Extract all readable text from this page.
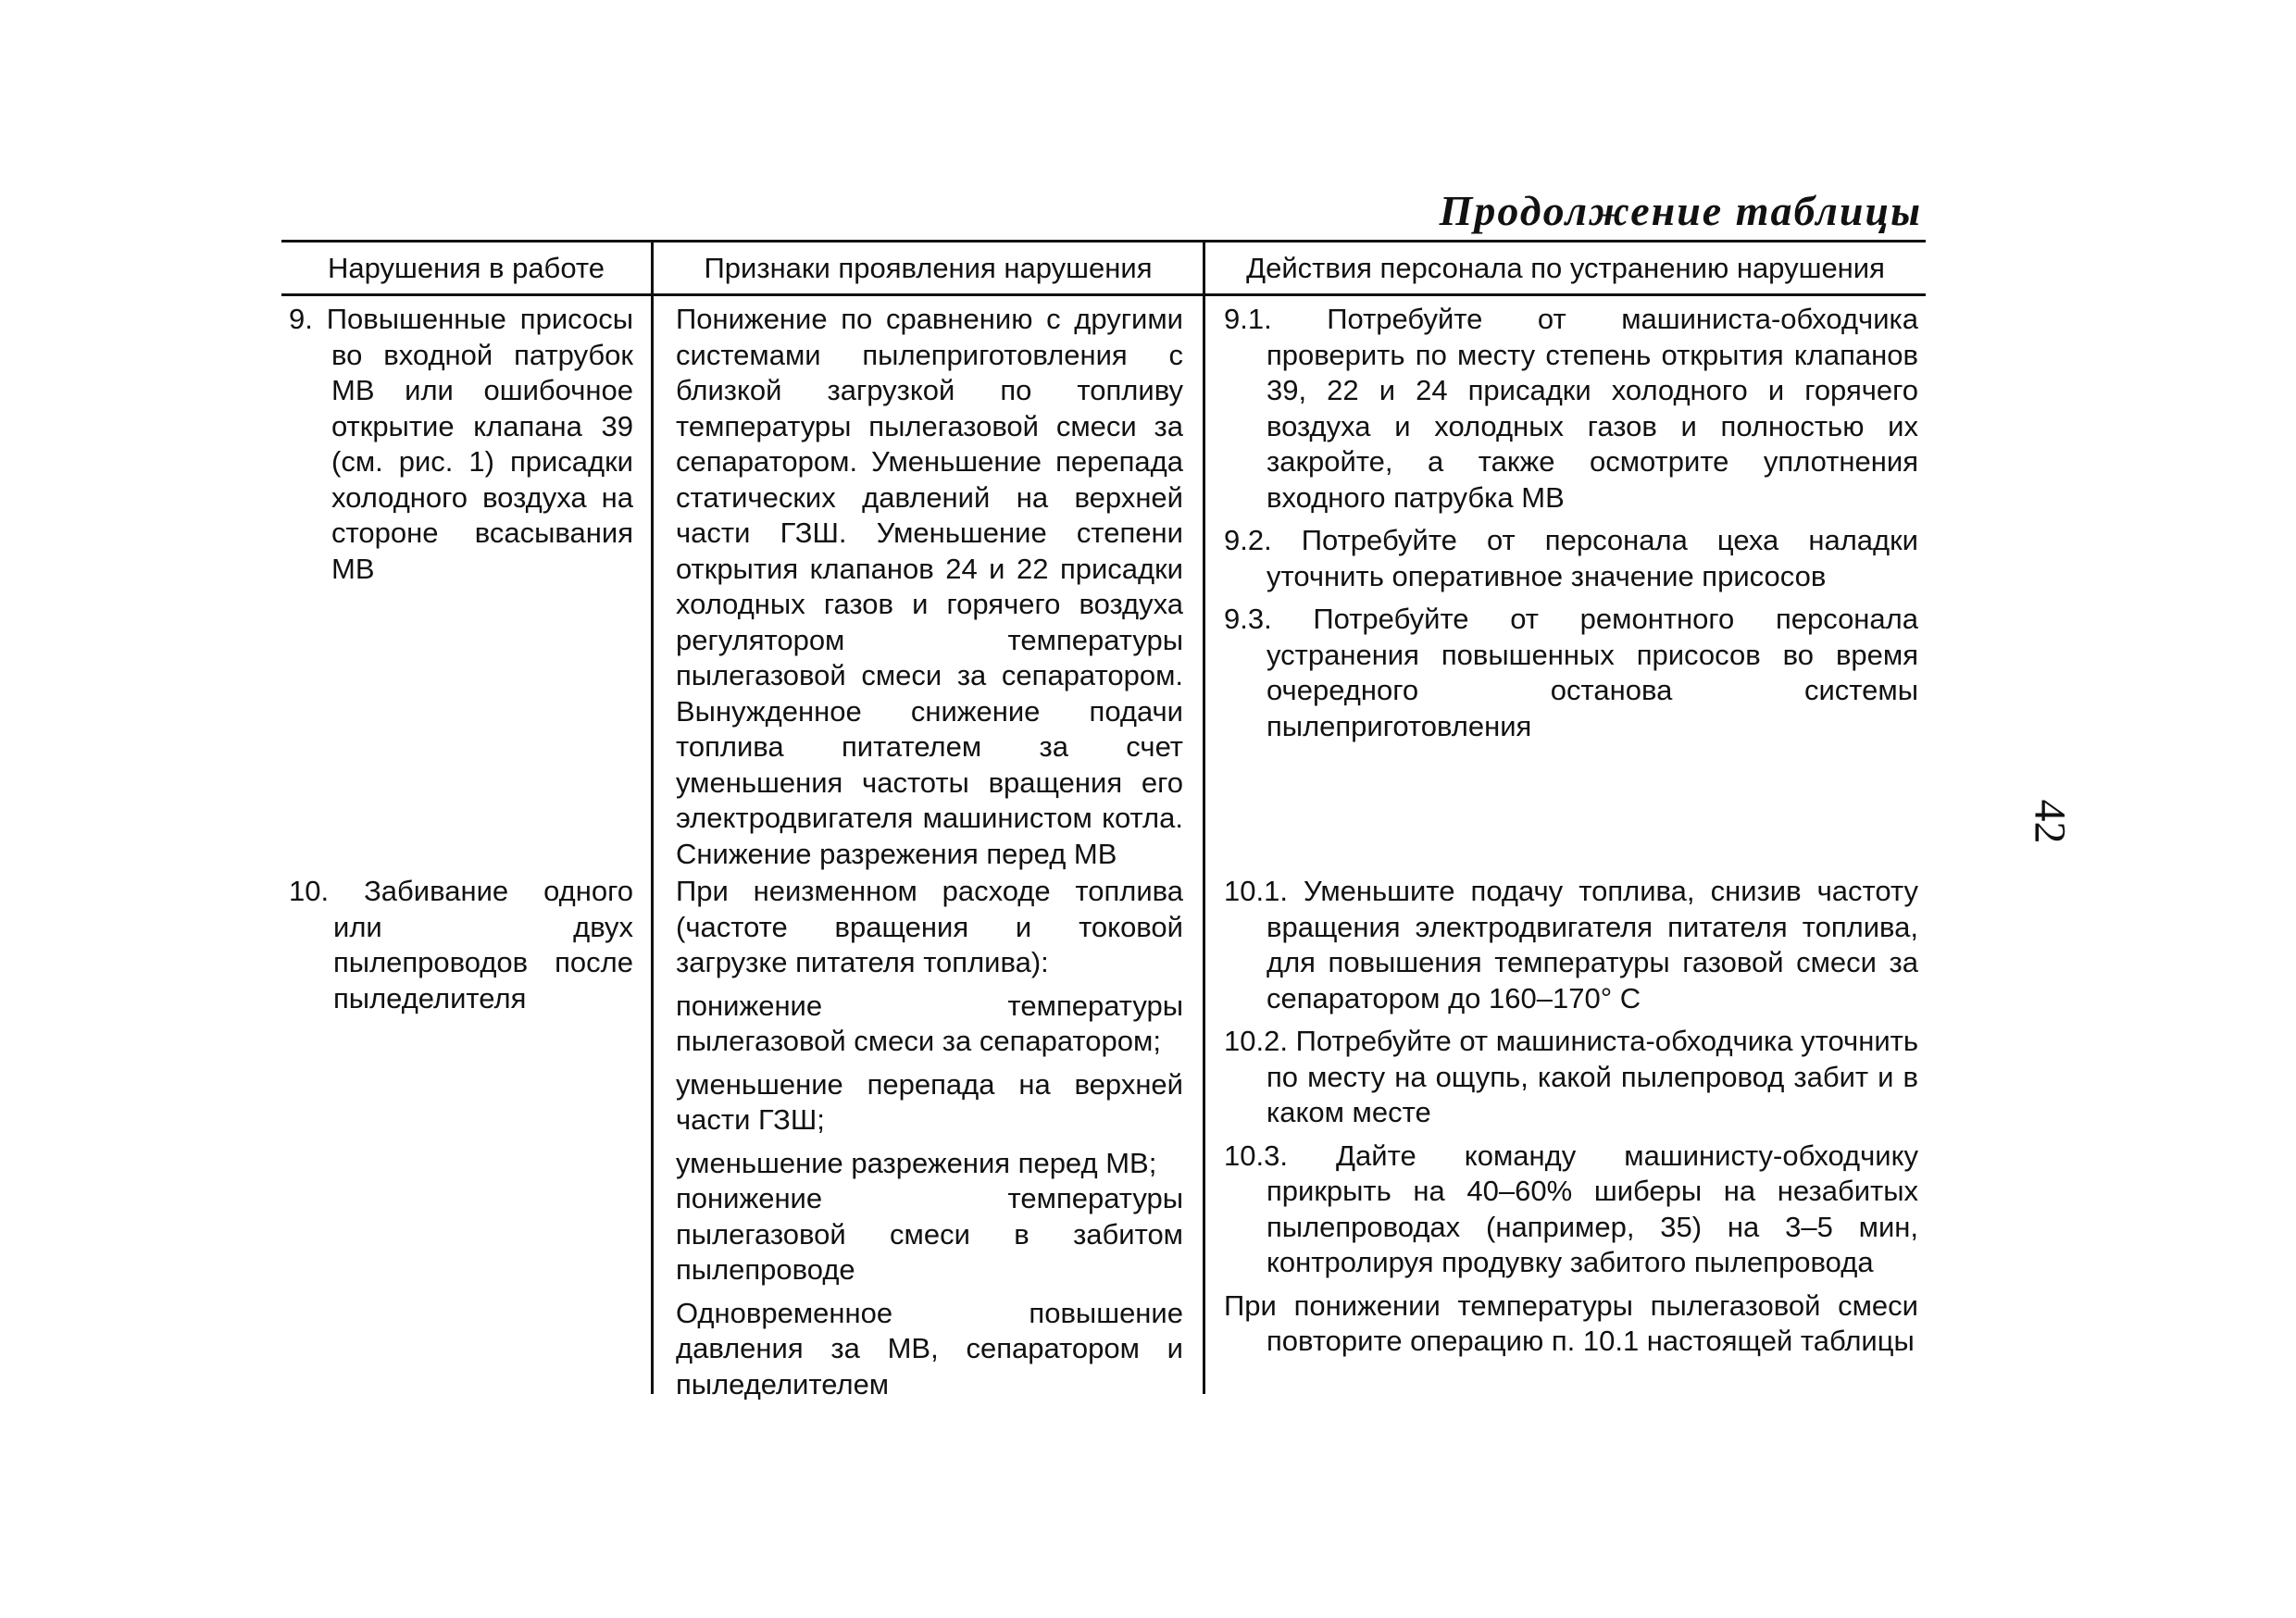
Продолжение таблицы
Нарушения в работе	Признаки проявления нарушения	Действия персонала по устранению нарушения

9. Повышенные присосы во входной патрубок МВ или ошибочное открытие клапана 39 (см. рис. 1) присадки холодного воздуха на стороне всасывания МВ

Понижение по сравнению с другими системами пылеприготовления с близкой загрузкой по топливу температуры пылегазовой смеси за сепаратором. Уменьшение перепада статических давлений на верхней части ГЗШ. Уменьшение степени открытия клапанов 24 и 22 присадки холодных газов и горячего воздуха регулятором температуры пылегазовой смеси за сепаратором. Вынужденное снижение подачи топлива питателем за счет уменьшения частоты вращения его электродвигателя машинистом котла. Снижение разрежения перед МВ

9.1. Потребуйте от машиниста-обходчика проверить по месту степень открытия клапанов 39, 22 и 24 присадки холодного и горячего воздуха и холодных газов и полностью их закройте, а также осмотрите уплотнения входного патрубка МВ

9.2. Потребуйте от персонала цеха наладки уточнить оперативное значение присосов

9.3. Потребуйте от ремонтного персонала устранения повышенных присосов во время очередного останова системы пылеприготовления

10. Забивание одного или двух пылепроводов после пыледелителя

При неизменном расходе топлива (частоте вращения и токовой загрузке питателя топлива):

понижение температуры пылегазовой смеси за сепаратором;

уменьшение перепада на верхней части ГЗШ;

уменьшение разрежения перед МВ;

понижение температуры пылегазовой смеси в забитом пылепроводе

Одновременное повышение давления за МВ, сепаратором и пыледелителем

10.1. Уменьшите подачу топлива, снизив частоту вращения электродвигателя питателя топлива, для повышения температуры газовой смеси за сепаратором до 160–170° С

10.2. Потребуйте от машиниста-обходчика уточнить по месту на ощупь, какой пылепровод забит и в каком месте

10.3. Дайте команду машинисту-обходчику прикрыть на 40–60% шиберы на незабитых пылепроводах (например, 35) на 3–5 мин, контролируя продувку забитого пылепровода

При понижении температуры пылегазовой смеси повторите операцию п. 10.1 настоящей таблицы

42
